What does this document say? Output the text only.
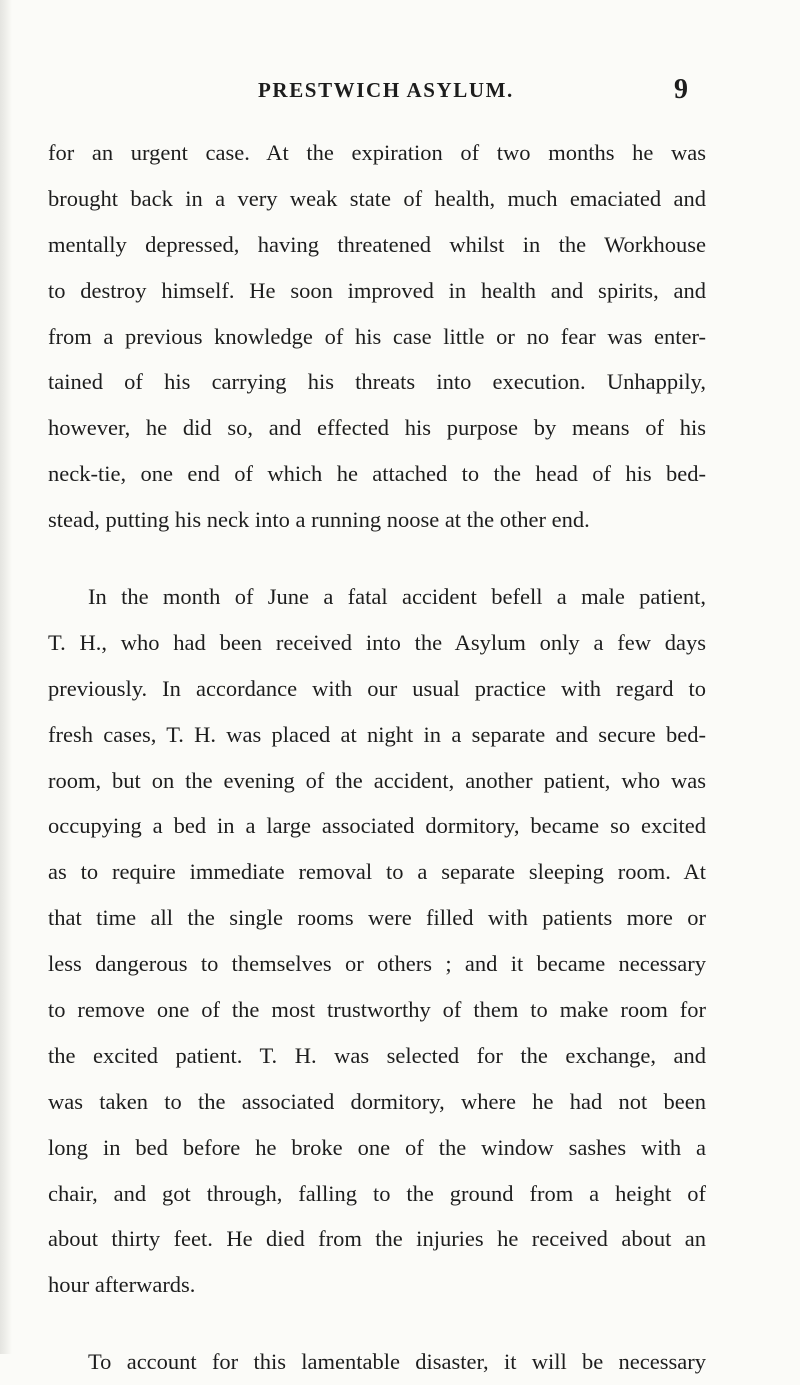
PRESTWICH ASYLUM.	9
for an urgent case. At the expiration of two months he was
brought back in a very weak state of health, much emaciated and
mentally depressed, having threatened whilst in the Workhouse
to destroy himself. He soon improved in health and spirits, and
from a previous knowledge of his case little or no fear was enter-
tained of his carrying his threats into execution. Unhappily,
however, he did so, and effected his purpose by means of his
neck-tie, one end of which he attached to the head of his bed-
stead, putting his neck into a running noose at the other end.
In the month of June a fatal accident befell a male patient,
T. H., who had been received into the Asylum only a few days
previously. In accordance with our usual practice with regard to
fresh cases, T. H. was placed at night in a separate and secure bed-
room, but on the evening of the accident, another patient, who was
occupying a bed in a large associated dormitory, became so excited
as to require immediate removal to a separate sleeping room. At
that time all the single rooms were filled with patients more or
less dangerous to themselves or others ; and it became necessary
to remove one of the most trustworthy of them to make room for
the excited patient. T. H. was selected for the exchange, and
was taken to the associated dormitory, where he had not been
long in bed before he broke one of the window sashes with a
chair, and got through, falling to the ground from a height of
about thirty feet. He died from the injuries he received about an
hour afterwards.
To account for this lamentable disaster, it will be necessary
